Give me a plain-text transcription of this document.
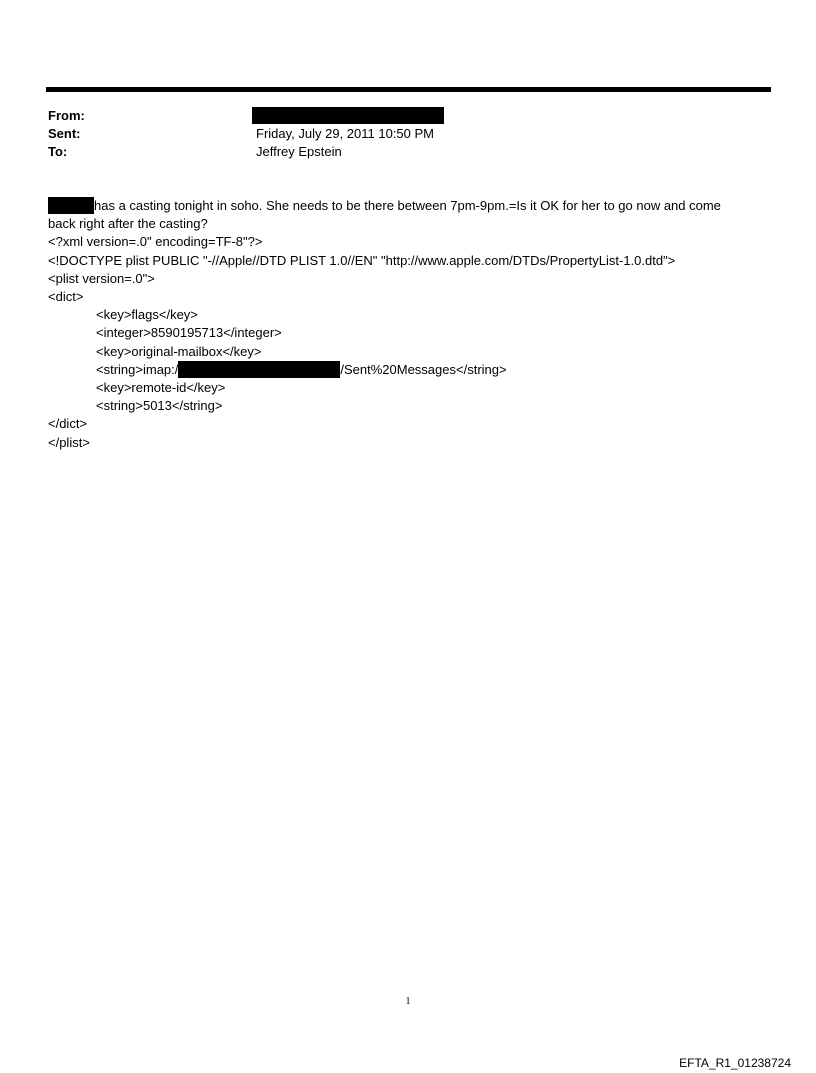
From:
Sent:	Friday, July 29, 2011 10:50 PM
To:	Jeffrey Epstein
has a casting tonight in soho. She needs to be there between 7pm-9pm.=Is it OK for her to go now and come
back right after the casting?
<?xml version=.0" encoding=TF-8"?>
<!DOCTYPE plist PUBLIC "-//Apple//DTD PLIST 1.0//EN" "http://www.apple.com/DTDs/PropertyList-1.0.dtd">
<plist version=.0">
<dict>
<key>flags</key>
<integer>8590195713</integer>
<key>original-mailbox</key>
<string>imap:/	/Sent%20Messages</string>
<key>remote-id</key>
<string>5013</string>
</dict>
</plist>
1
EFTA_R1_01238724
